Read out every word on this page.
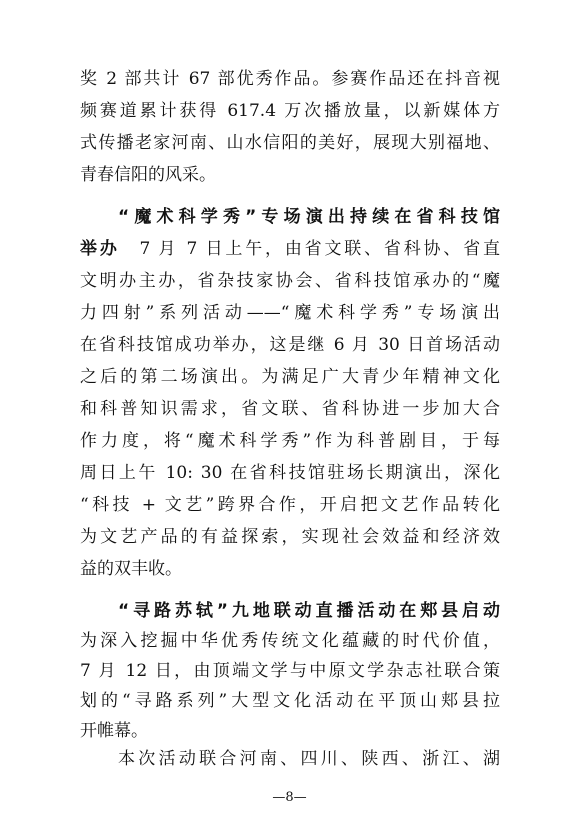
奖 2 部共计 67 部优秀作品。参赛作品还在抖音视
频赛道累计获得 617.4 万次播放量，以新媒体方
式传播老家河南、山水信阳的美好，展现大别福地、
青春信阳的风采。
“魔术科学秀”专场演出持续在省科技馆
举办　7 月 7 日上午，由省文联、省科协、省直
文明办主办，省杂技家协会、省科技馆承办的“魔
力四射”系列活动——“魔术科学秀”专场演出
在省科技馆成功举办，这是继 6 月 30 日首场活动
之后的第二场演出。为满足广大青少年精神文化
和科普知识需求，省文联、省科协进一步加大合
作力度，将“魔术科学秀”作为科普剧目，于每
周日上午 10: 30 在省科技馆驻场长期演出，深化
“科技 + 文艺”跨界合作，开启把文艺作品转化
为文艺产品的有益探索，实现社会效益和经济效
益的双丰收。
“寻路苏轼”九地联动直播活动在郏县启动
为深入挖掘中华优秀传统文化蕴藏的时代价值，
7 月 12 日，由顶端文学与中原文学杂志社联合策
划的“寻路系列”大型文化活动在平顶山郏县拉
开帷幕。
本次活动联合河南、四川、陕西、浙江、湖
—8—
